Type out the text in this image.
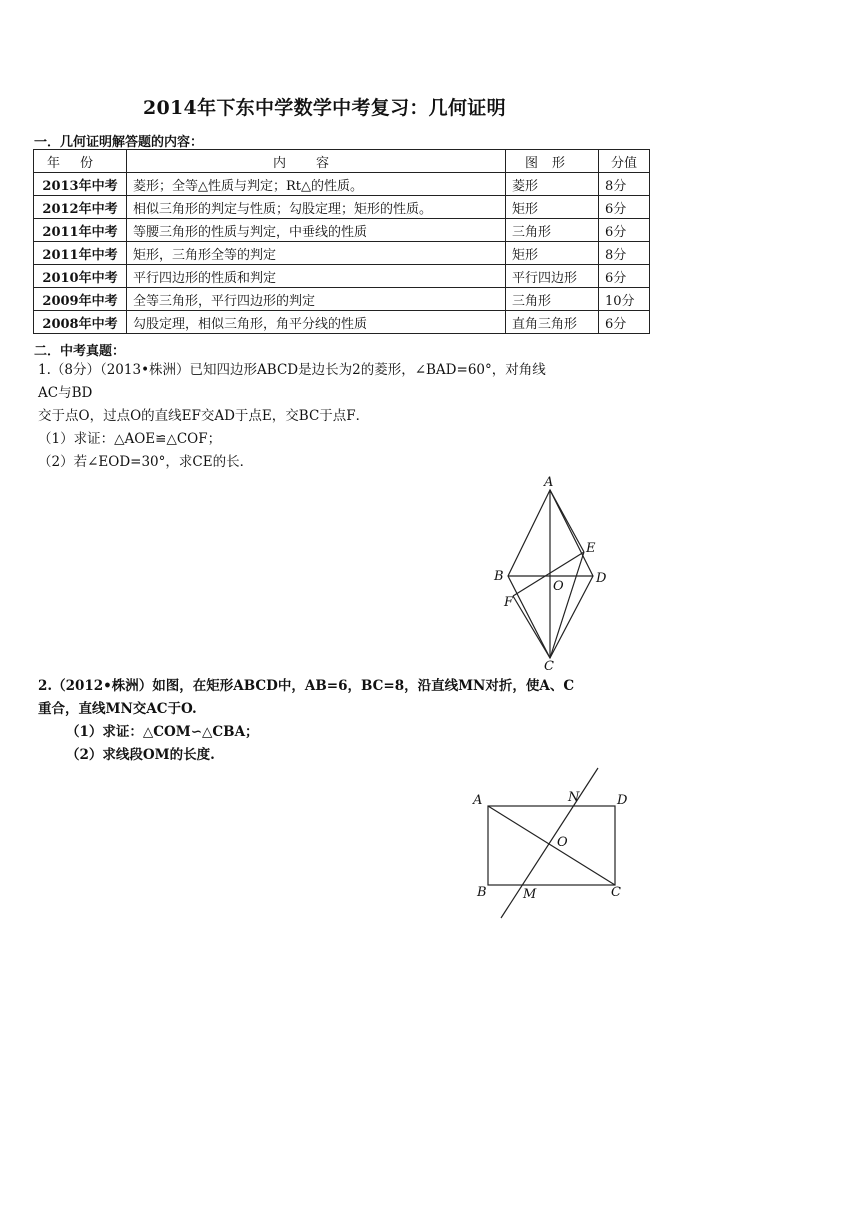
2014年下东中学数学中考复习：几何证明
一．几何证明解答题的内容：
年份	内容	图形	分值
2013年中考	菱形；全等△性质与判定；Rt△的性质。	菱形	8分
2012年中考	相似三角形的判定与性质；勾股定理；矩形的性质。	矩形	6分
2011年中考	等腰三角形的性质与判定，中垂线的性质	三角形	6分
2011年中考	矩形，三角形全等的判定	矩形	8分
2010年中考	平行四边形的性质和判定	平行四边形	6分
2009年中考	全等三角形，平行四边形的判定	三角形	10分
2008年中考	勾股定理，相似三角形，角平分线的性质	直角三角形	6分
二．中考真题：
1.（8分）（2013•株洲）已知四边形ABCD是边长为2的菱形，∠BAD=60°，对角线
AC与BD
交于点O，过点O的直线EF交AD于点E，交BC于点F．
（1）求证：△AOE≌△COF；
（2）若∠EOD=30°，求CE的长．
A
B
C
D
E
F
O
2.（2012•株洲）如图，在矩形ABCD中，AB=6，BC=8，沿直线MN对折，使A、C
重合，直线MN交AC于O.
（1）求证：△COM∽△CBA；
（2）求线段OM的长度.
A	N	D
O
B	M	C
